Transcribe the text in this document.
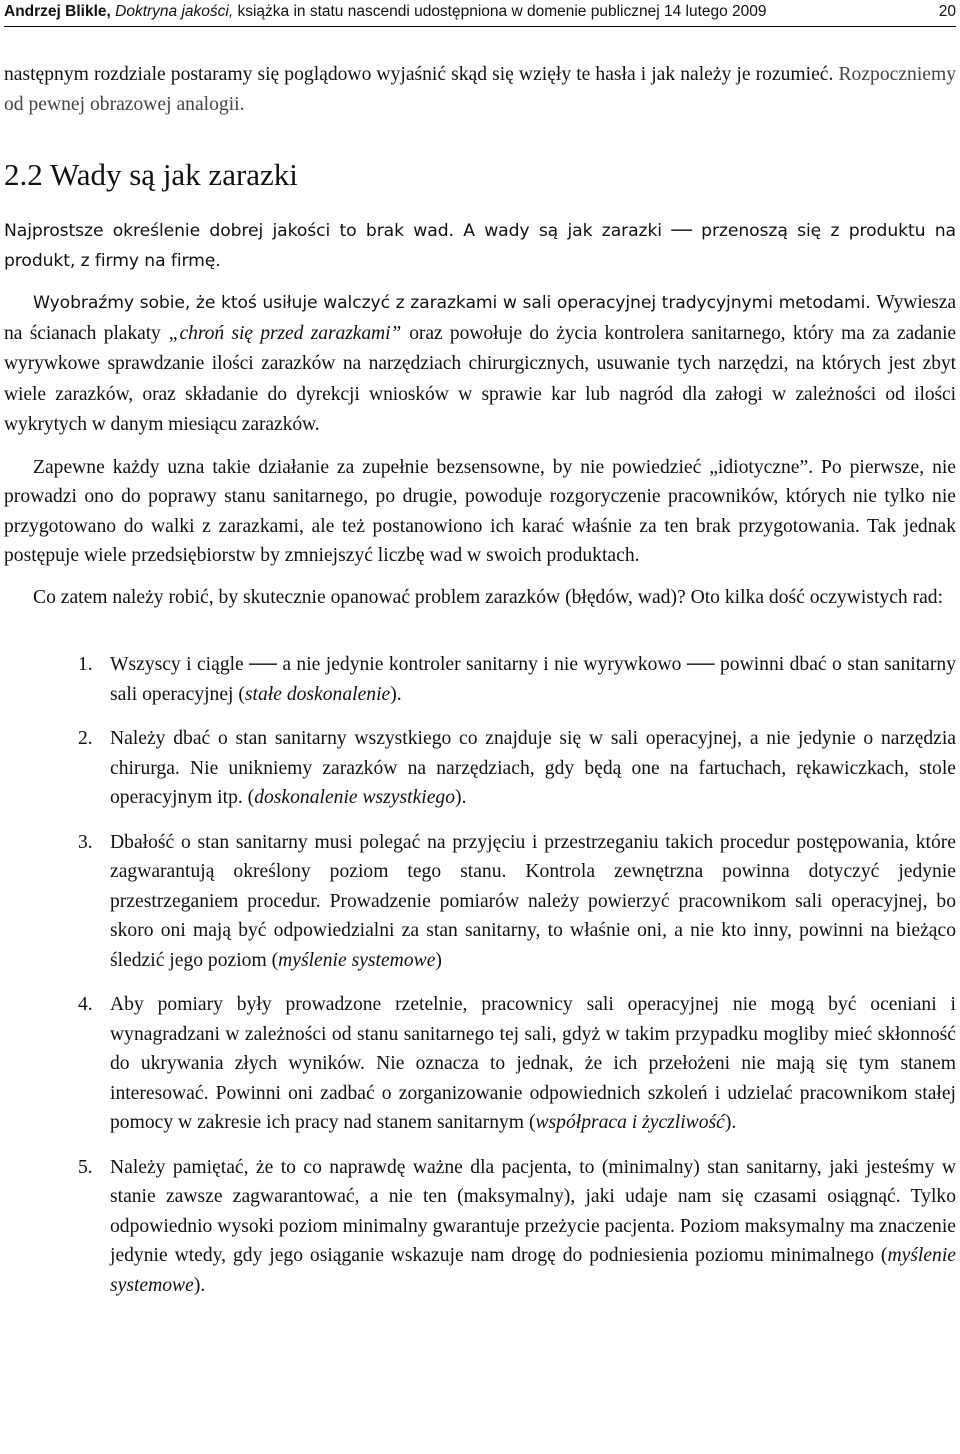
Andrzej Blikle, Doktryna jakości, książka in statu nascendi udostępniona w domenie publicznej 14 lutego 2009	20

następnym rozdziale postaramy się poglądowo wyjaśnić skąd się wzięły te hasła i jak należy je rozumieć. Rozpoczniemy od pewnej obrazowej analogii.

2.2 Wady są jak zarazki

Najprostsze określenie dobrej jakości to brak wad. A wady są jak zarazki ── przenoszą się z produktu na produkt, z firmy na firmę.

Wyobraźmy sobie, że ktoś usiłuje walczyć z zarazkami w sali operacyjnej tradycyjnymi metodami. Wywiesza na ścianach plakaty „chroń się przed zarazkami” oraz powołuje do życia kontrolera sanitarnego, który ma za zadanie wyrywkowe sprawdzanie ilości zarazków na narzędziach chirurgicznych, usuwanie tych narzędzi, na których jest zbyt wiele zarazków, oraz składanie do dyrekcji wniosków w sprawie kar lub nagród dla załogi w zależności od ilości wykrytych w danym miesiącu zarazków.

Zapewne każdy uzna takie działanie za zupełnie bezsensowne, by nie powiedzieć „idiotyczne”. Po pierwsze, nie prowadzi ono do poprawy stanu sanitarnego, po drugie, powoduje rozgoryczenie pracowników, których nie tylko nie przygotowano do walki z zarazkami, ale też postanowiono ich karać właśnie za ten brak przygotowania. Tak jednak postępuje wiele przedsiębiorstw by zmniejszyć liczbę wad w swoich produktach.

Co zatem należy robić, by skutecznie opanować problem zarazków (błędów, wad)? Oto kilka dość oczywistych rad:

1. Wszyscy i ciągle ── a nie jedynie kontroler sanitarny i nie wyrywkowo ── powinni dbać o stan sanitarny sali operacyjnej (stałe doskonalenie).
2. Należy dbać o stan sanitarny wszystkiego co znajduje się w sali operacyjnej, a nie jedynie o narzędzia chirurga. Nie unikniemy zarazków na narzędziach, gdy będą one na fartuchach, rękawiczkach, stole operacyjnym itp. (doskonalenie wszystkiego).
3. Dbałość o stan sanitarny musi polegać na przyjęciu i przestrzeganiu takich procedur postępowania, które zagwarantują określony poziom tego stanu. Kontrola zewnętrzna powinna dotyczyć jedynie przestrzeganiem procedur. Prowadzenie pomiarów należy powierzyć pracownikom sali operacyjnej, bo skoro oni mają być odpowiedzialni za stan sanitarny, to właśnie oni, a nie kto inny, powinni na bieżąco śledzić jego poziom (myślenie systemowe)
4. Aby pomiary były prowadzone rzetelnie, pracownicy sali operacyjnej nie mogą być oceniani i wynagradzani w zależności od stanu sanitarnego tej sali, gdyż w takim przypadku mogliby mieć skłonność do ukrywania złych wyników. Nie oznacza to jednak, że ich przełożeni nie mają się tym stanem interesować. Powinni oni zadbać o zorganizowanie odpowiednich szkoleń i udzielać pracownikom stałej pomocy w zakresie ich pracy nad stanem sanitarnym (współpraca i życzliwość).
5. Należy pamiętać, że to co naprawdę ważne dla pacjenta, to (minimalny) stan sanitarny, jaki jesteśmy w stanie zawsze zagwarantować, a nie ten (maksymalny), jaki udaje nam się czasami osiągnąć. Tylko odpowiednio wysoki poziom minimalny gwarantuje przeżycie pacjenta. Poziom maksymalny ma znaczenie jedynie wtedy, gdy jego osiąganie wskazuje nam drogę do podniesienia poziomu minimalnego (myślenie systemowe).
